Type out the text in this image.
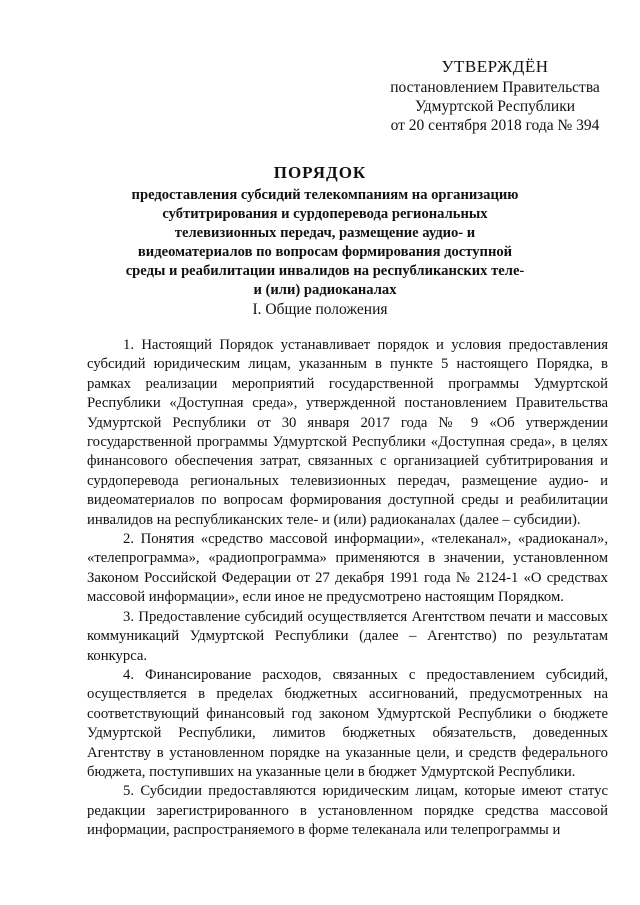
УТВЕРЖДЁН
постановлением Правительства
Удмуртской Республики
от 20 сентября 2018 года № 394
ПОРЯДОК
предоставления субсидий телекомпаниям на организацию субтитрирования и сурдоперевода региональных телевизионных передач, размещение аудио- и видеоматериалов по вопросам формирования доступной среды и реабилитации инвалидов на республиканских теле- и (или) радиоканалах
I. Общие положения

1. Настоящий Порядок устанавливает порядок и условия предоставления субсидий юридическим лицам, указанным в пункте 5 настоящего Порядка, в рамках реализации мероприятий государственной программы Удмуртской Республики «Доступная среда», утвержденной постановлением Правительства Удмуртской Республики от 30 января 2017 года № 9 «Об утверждении государственной программы Удмуртской Республики «Доступная среда», в целях финансового обеспечения затрат, связанных с организацией субтитрирования и сурдоперевода региональных телевизионных передач, размещение аудио- и видеоматериалов по вопросам формирования доступной среды и реабилитации инвалидов на республиканских теле- и (или) радиоканалах (далее – субсидии).

2. Понятия «средство массовой информации», «телеканал», «радиоканал», «телепрограмма», «радиопрограмма» применяются в значении, установленном Законом Российской Федерации от 27 декабря 1991 года № 2124-1 «О средствах массовой информации», если иное не предусмотрено настоящим Порядком.

3. Предоставление субсидий осуществляется Агентством печати и массовых коммуникаций Удмуртской Республики (далее – Агентство) по результатам конкурса.

4. Финансирование расходов, связанных с предоставлением субсидий, осуществляется в пределах бюджетных ассигнований, предусмотренных на соответствующий финансовый год законом Удмуртской Республики о бюджете Удмуртской Республики, лимитов бюджетных обязательств, доведенных Агентству в установленном порядке на указанные цели, и средств федерального бюджета, поступивших на указанные цели в бюджет Удмуртской Республики.

5. Субсидии предоставляются юридическим лицам, которые имеют статус редакции зарегистрированного в установленном порядке средства массовой информации, распространяемого в форме телеканала или телепрограммы и
